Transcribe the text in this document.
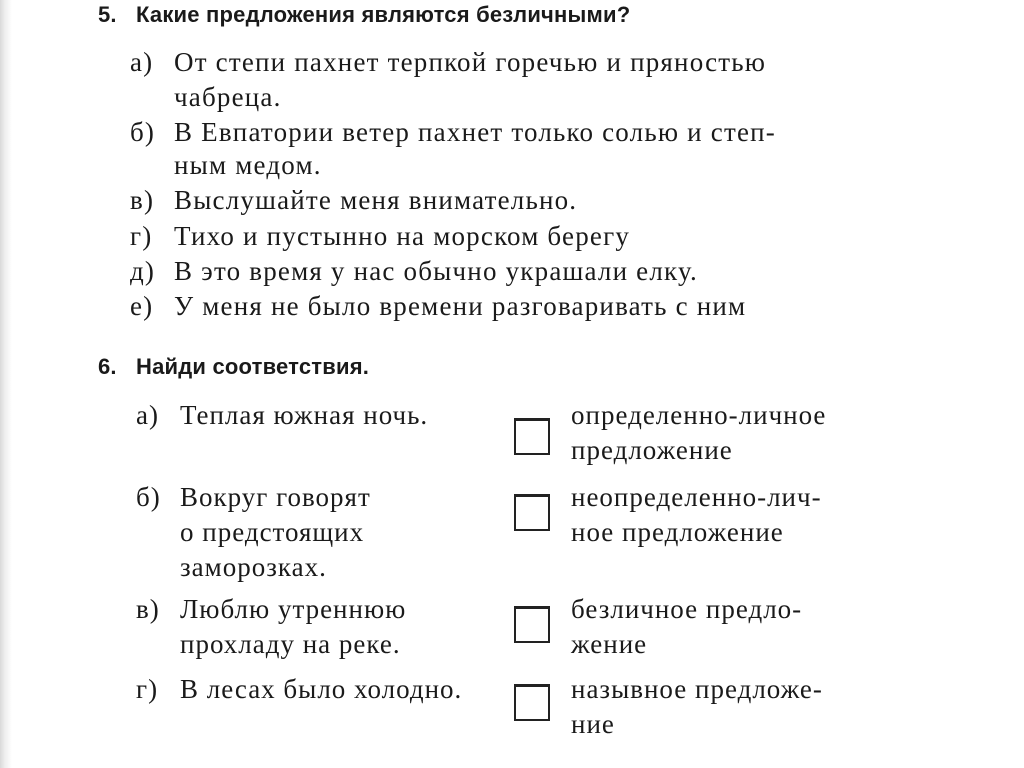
5. Какие предложения являются безличными?
а) От степи пахнет терпкой горечью и пряностью
чабреца.
б) В Евпатории ветер пахнет только солью и степ-
ным медом.
в) Выслушайте меня внимательно.
г) Тихо и пустынно на морском берегу
д) В это время у нас обычно украшали елку.
е) У меня не было времени разговаривать с ним
6. Найди соответствия.
а) Теплая южная ночь.
б) Вокруг говорят
о предстоящих
заморозках.
в) Люблю утреннюю
прохладу на реке.
г) В лесах было холодно.
определенно-личное
предложение
неопределенно-лич-
ное предложение
безличное предло-
жение
назывное предложе-
ние
